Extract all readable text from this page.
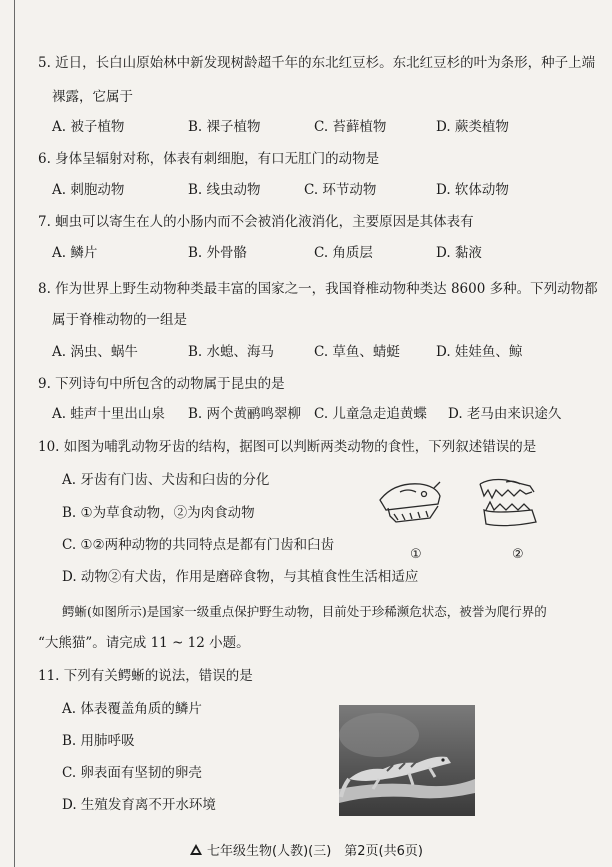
5. 近日，长白山原始林中新发现树龄超千年的东北红豆杉。东北红豆杉的叶为条形，种子上端
裸露，它属于
A. 被子植物	B. 裸子植物	C. 苔藓植物	D. 蕨类植物
6. 身体呈辐射对称，体表有刺细胞，有口无肛门的动物是
A. 刺胞动物	B. 线虫动物	C. 环节动物	D. 软体动物
7. 蛔虫可以寄生在人的小肠内而不会被消化液消化，主要原因是其体表有
A. 鳞片	B. 外骨骼	C. 角质层	D. 黏液
8. 作为世界上野生动物种类最丰富的国家之一，我国脊椎动物种类达 8600 多种。下列动物都
属于脊椎动物的一组是
A. 涡虫、蜗牛	B. 水螅、海马	C. 草鱼、蜻蜓	D. 娃娃鱼、鲸
9. 下列诗句中所包含的动物属于昆虫的是
A. 蛙声十里出山泉 B. 两个黄鹂鸣翠柳 C. 儿童急走追黄蝶 D. 老马由来识途久
10. 如图为哺乳动物牙齿的结构，据图可以判断两类动物的食性，下列叙述错误的是
A. 牙齿有门齿、犬齿和臼齿的分化
B. ①为草食动物，②为肉食动物
C. ①②两种动物的共同特点是都有门齿和臼齿
D. 动物②有犬齿，作用是磨碎食物，与其植食性生活相适应
①	②
鳄蜥(如图所示)是国家一级重点保护野生动物，目前处于珍稀濒危状态，被誉为爬行界的
“大熊猫”。请完成 11 ~ 12 小题。
11. 下列有关鳄蜥的说法，错误的是
A. 体表覆盖角质的鳞片
B. 用肺呼吸
C. 卵表面有坚韧的卵壳
D. 生殖发育离不开水环境
七年级生物(人教)(三)　第2页(共6页)
